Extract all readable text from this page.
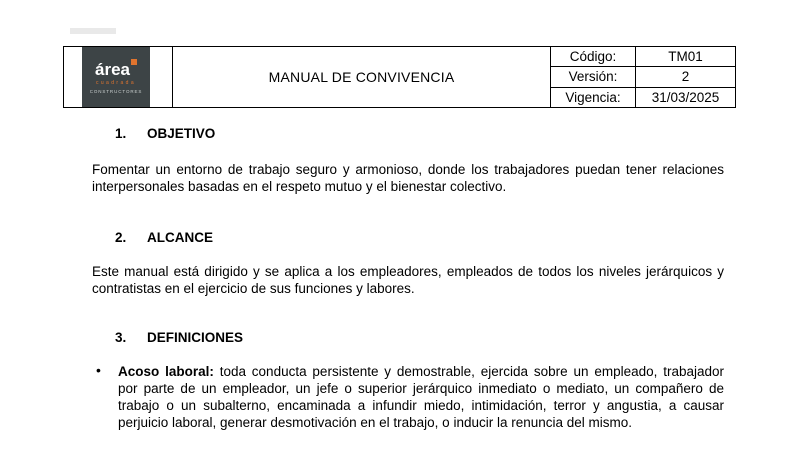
área
cuadrada
CONSTRUCTORES	MANUAL DE CONVIVENCIA	Código:	TM01
		Versión:	2
		Vigencia:	31/03/2025
1. OBJETIVO
Fomentar un entorno de trabajo seguro y armonioso, donde los trabajadores puedan tener relaciones interpersonales basadas en el respeto mutuo y el bienestar colectivo.
2. ALCANCE
Este manual está dirigido y se aplica a los empleadores, empleados de todos los niveles jerárquicos y contratistas en el ejercicio de sus funciones y labores.
3. DEFINICIONES
• Acoso laboral: toda conducta persistente y demostrable, ejercida sobre un empleado, trabajador por parte de un empleador, un jefe o superior jerárquico inmediato o mediato, un compañero de trabajo o un subalterno, encaminada a infundir miedo, intimidación, terror y angustia, a causar perjuicio laboral, generar desmotivación en el trabajo, o inducir la renuncia del mismo.
